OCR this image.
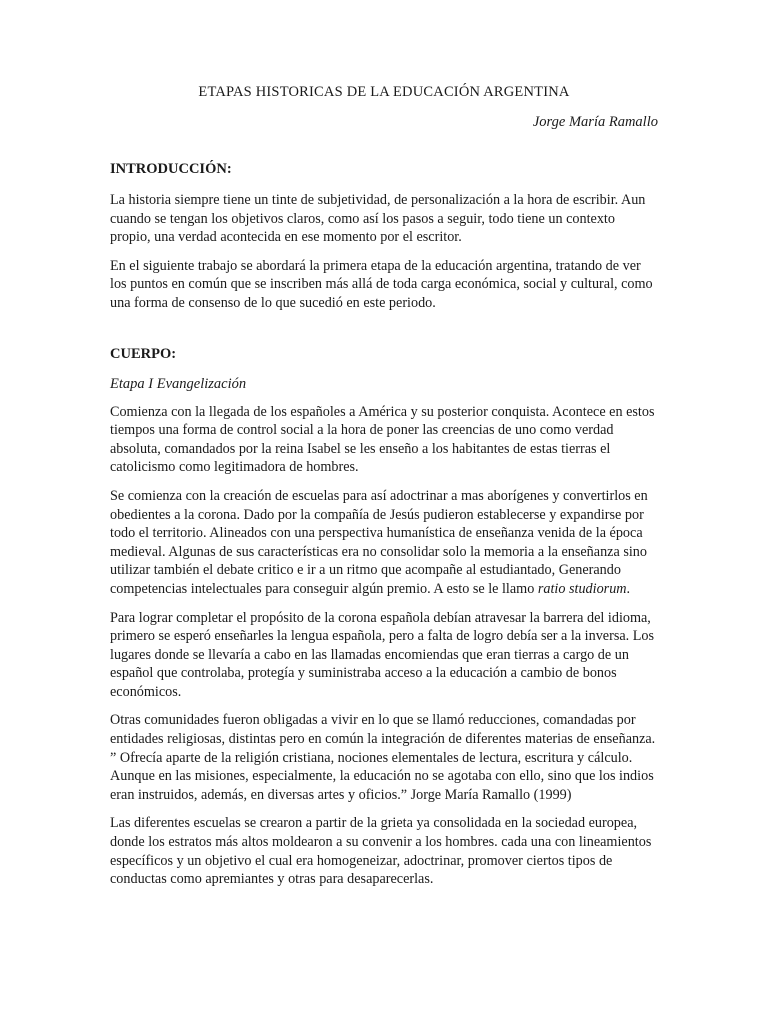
ETAPAS HISTORICAS DE LA EDUCACIÓN ARGENTINA
Jorge María Ramallo
INTRODUCCIÓN:

La historia siempre tiene un tinte de subjetividad, de personalización a la hora de escribir. Aun cuando se tengan los objetivos claros, como así los pasos a seguir, todo tiene un contexto propio, una verdad acontecida en ese momento por el escritor.

En el siguiente trabajo se abordará la primera etapa de la educación argentina, tratando de ver los puntos en común que se inscriben más allá de toda carga económica, social y cultural, como una forma de consenso de lo que sucedió en este periodo.

CUERPO:
Etapa I Evangelización

Comienza con la llegada de los españoles a América y su posterior conquista. Acontece en estos tiempos una forma de control social a la hora de poner las creencias de uno como verdad absoluta, comandados por la reina Isabel se les enseño a los habitantes de estas tierras el catolicismo como legitimadora de hombres.

Se comienza con la creación de escuelas para así adoctrinar a mas aborígenes y convertirlos en obedientes a la corona. Dado por la compañía de Jesús pudieron establecerse y expandirse por todo el territorio. Alineados con una perspectiva humanística de enseñanza venida de la época medieval. Algunas de sus características era no consolidar solo la memoria a la enseñanza sino utilizar también el debate critico e ir a un ritmo que acompañe al estudiantado, Generando competencias intelectuales para conseguir algún premio. A esto se le llamo ratio studiorum.

Para lograr completar el propósito de la corona española debían atravesar la barrera del idioma, primero se esperó enseñarles la lengua española, pero a falta de logro debía ser a la inversa. Los lugares donde se llevaría a cabo en las llamadas encomiendas que eran tierras a cargo de un español que controlaba, protegía y suministraba acceso a la educación a cambio de bonos económicos.

Otras comunidades fueron obligadas a vivir en lo que se llamó reducciones, comandadas por entidades religiosas, distintas pero en común la integración de diferentes materias de enseñanza. ” Ofrecía aparte de la religión cristiana, nociones elementales de lectura, escritura y cálculo. Aunque en las misiones, especialmente, la educación no se agotaba con ello, sino que los indios eran instruidos, además, en diversas artes y oficios.” Jorge María Ramallo (1999)

Las diferentes escuelas se crearon a partir de la grieta ya consolidada en la sociedad europea, donde los estratos más altos moldearon a su convenir a los hombres. cada una con lineamientos específicos y un objetivo el cual era homogeneizar, adoctrinar, promover ciertos tipos de conductas como apremiantes y otras para desaparecerlas.
